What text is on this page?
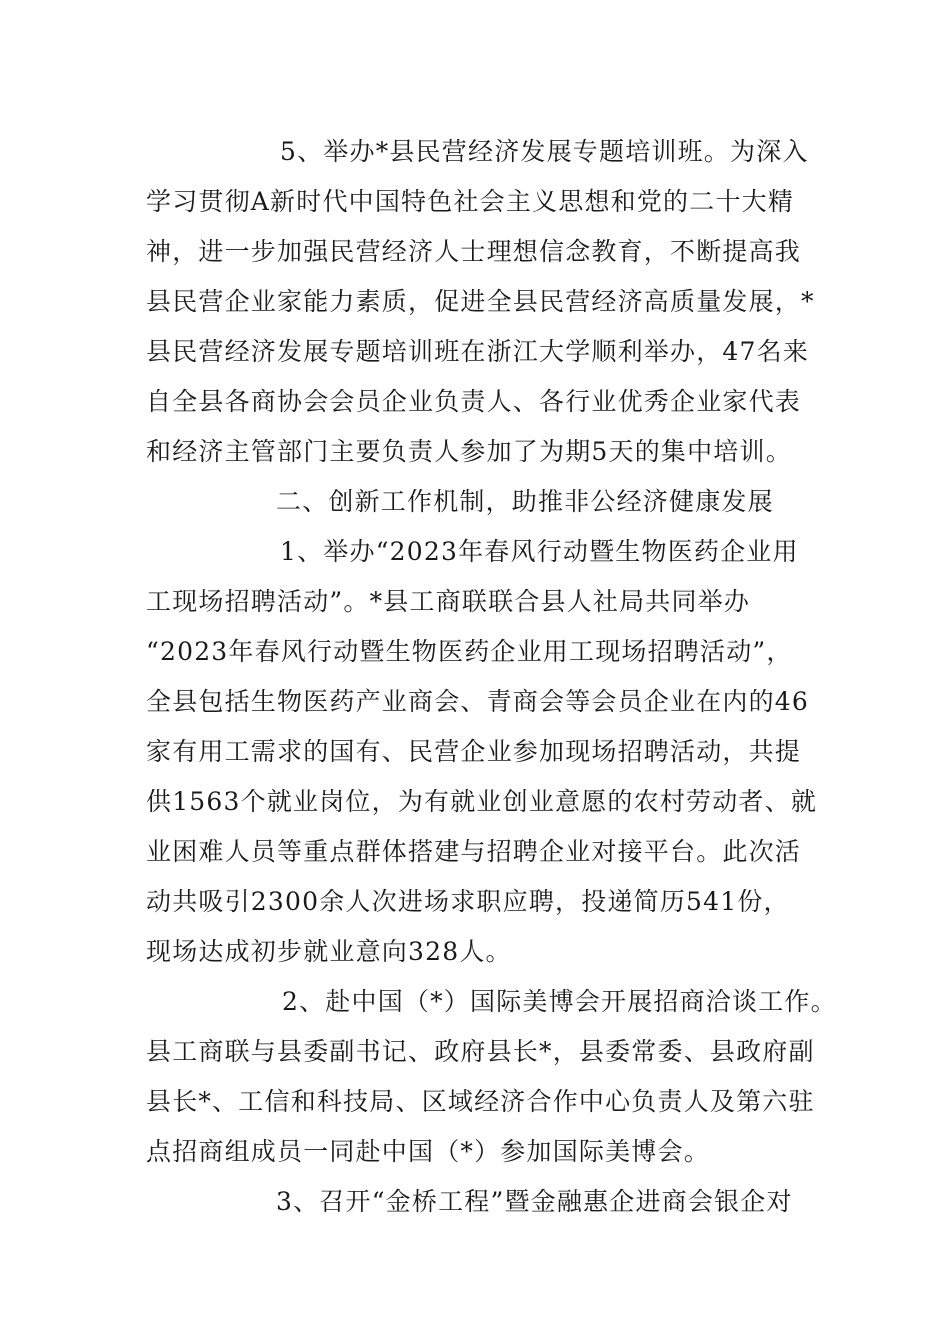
5、举办*县民营经济发展专题培训班。为深入
学习贯彻A新时代中国特色社会主义思想和党的二十大精
神，进一步加强民营经济人士理想信念教育，不断提高我
县民营企业家能力素质，促进全县民营经济高质量发展，*
县民营经济发展专题培训班在浙江大学顺利举办，47名来
自全县各商协会会员企业负责人、各行业优秀企业家代表
和经济主管部门主要负责人参加了为期5天的集中培训。
二、创新工作机制，助推非公经济健康发展
1、举办“2023年春风行动暨生物医药企业用
工现场招聘活动”。*县工商联联合县人社局共同举办
“2023年春风行动暨生物医药企业用工现场招聘活动”，
全县包括生物医药产业商会、青商会等会员企业在内的46
家有用工需求的国有、民营企业参加现场招聘活动，共提
供1563个就业岗位，为有就业创业意愿的农村劳动者、就
业困难人员等重点群体搭建与招聘企业对接平台。此次活
动共吸引2300余人次进场求职应聘，投递简历541份，
现场达成初步就业意向328人。
2、赴中国（*）国际美博会开展招商洽谈工作。
县工商联与县委副书记、政府县长*，县委常委、县政府副
县长*、工信和科技局、区域经济合作中心负责人及第六驻
点招商组成员一同赴中国（*）参加国际美博会。
3、召开“金桥工程”暨金融惠企进商会银企对
